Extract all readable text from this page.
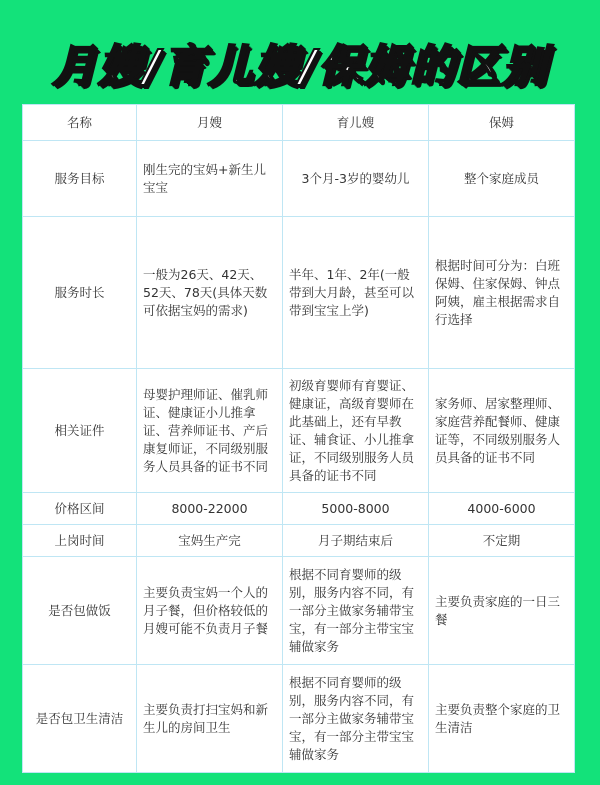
月嫂/育儿嫂/保姆的区别
名称	月嫂	育儿嫂	保姆
服务目标	刚生完的宝妈+新生儿宝宝	3个月-3岁的婴幼儿	整个家庭成员
服务时长	一般为26天、42天、52天、78天(具体天数可依据宝妈的需求)	半年、1年、2年(一般带到大月龄，甚至可以带到宝宝上学)	根据时间可分为：白班保姆、住家保姆、钟点阿姨，雇主根据需求自行选择
相关证件	母婴护理师证、催乳师证、健康证小儿推拿证、营养师证书、产后康复师证，不同级别服务人员具备的证书不同	初级育婴师有育婴证、健康证，高级育婴师在此基础上，还有早教证、辅食证、小儿推拿证，不同级别服务人员具备的证书不同	家务师、居家整理师、家庭营养配餐师、健康证等，不同级别服务人员具备的证书不同
价格区间	8000-22000	5000-8000	4000-6000
上岗时间	宝妈生产完	月子期结束后	不定期
是否包做饭	主要负责宝妈一个人的月子餐，但价格较低的月嫂可能不负责月子餐	根据不同育婴师的级别，服务内容不同，有一部分主做家务辅带宝宝，有一部分主带宝宝辅做家务	主要负责家庭的一日三餐
是否包卫生清洁	主要负责打扫宝妈和新生儿的房间卫生	根据不同育婴师的级别，服务内容不同，有一部分主做家务辅带宝宝，有一部分主带宝宝辅做家务	主要负责整个家庭的卫生清洁
